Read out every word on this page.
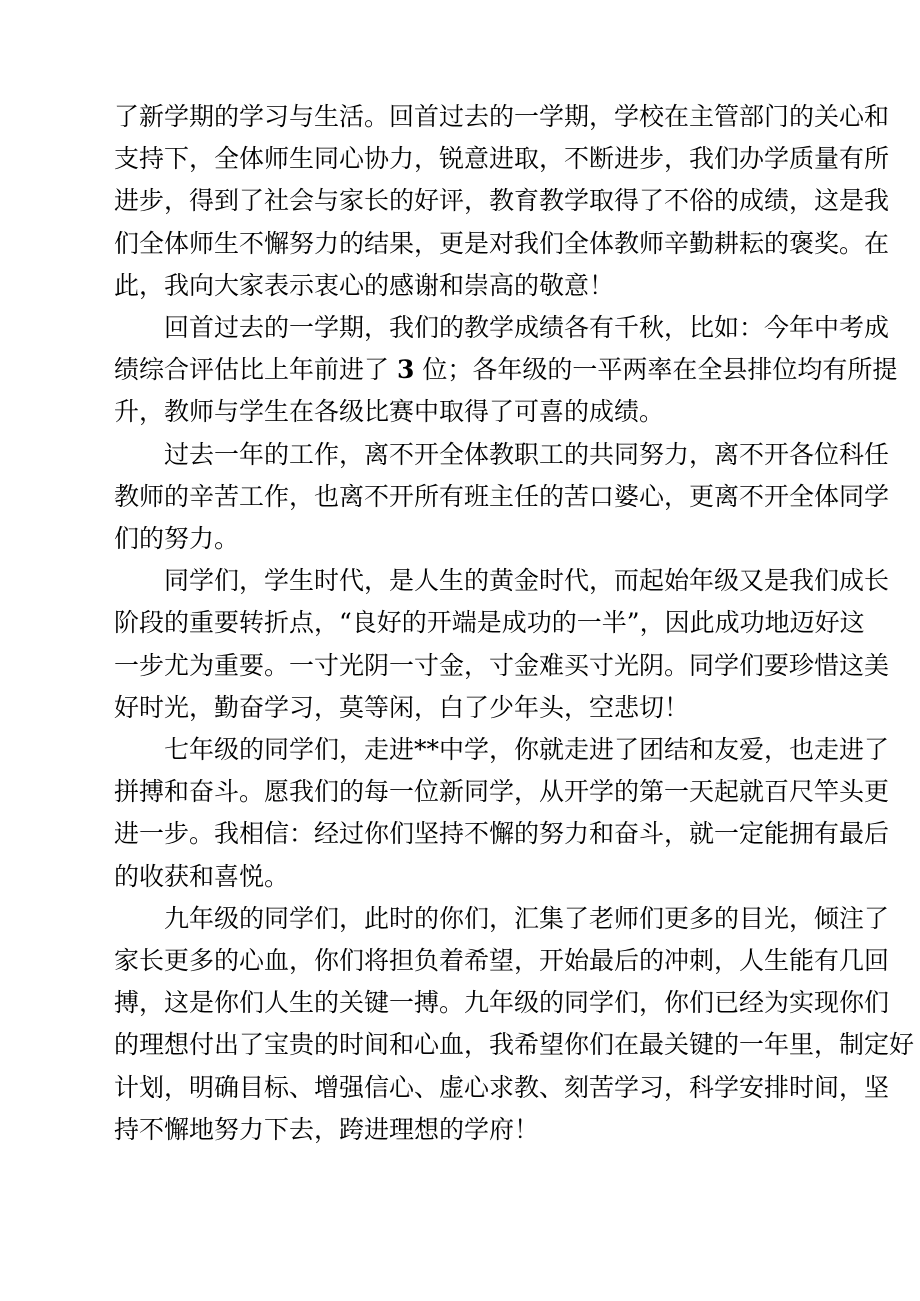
了新学期的学习与生活。回首过去的一学期，学校在主管部门的关心和
支持下，全体师生同心协力，锐意进取，不断进步，我们办学质量有所
进步，得到了社会与家长的好评，教育教学取得了不俗的成绩，这是我
们全体师生不懈努力的结果，更是对我们全体教师辛勤耕耘的褒奖。在
此，我向大家表示衷心的感谢和崇高的敬意！

回首过去的一学期，我们的教学成绩各有千秋，比如：今年中考成
绩综合评估比上年前进了 3 位；各年级的一平两率在全县排位均有所提
升，教师与学生在各级比赛中取得了可喜的成绩。

过去一年的工作，离不开全体教职工的共同努力，离不开各位科任
教师的辛苦工作，也离不开所有班主任的苦口婆心，更离不开全体同学
们的努力。

同学们，学生时代，是人生的黄金时代，而起始年级又是我们成长
阶段的重要转折点，“良好的开端是成功的一半”，因此成功地迈好这
一步尤为重要。一寸光阴一寸金，寸金难买寸光阴。同学们要珍惜这美
好时光，勤奋学习，莫等闲，白了少年头，空悲切！

七年级的同学们，走进**中学，你就走进了团结和友爱，也走进了
拼搏和奋斗。愿我们的每一位新同学，从开学的第一天起就百尺竿头更
进一步。我相信：经过你们坚持不懈的努力和奋斗，就一定能拥有最后
的收获和喜悦。

九年级的同学们，此时的你们，汇集了老师们更多的目光，倾注了
家长更多的心血，你们将担负着希望，开始最后的冲刺，人生能有几回
搏，这是你们人生的关键一搏。九年级的同学们，你们已经为实现你们
的理想付出了宝贵的时间和心血，我希望你们在最关键的一年里，制定好
计划，明确目标、增强信心、虚心求教、刻苦学习，科学安排时间，坚
持不懈地努力下去，跨进理想的学府！
